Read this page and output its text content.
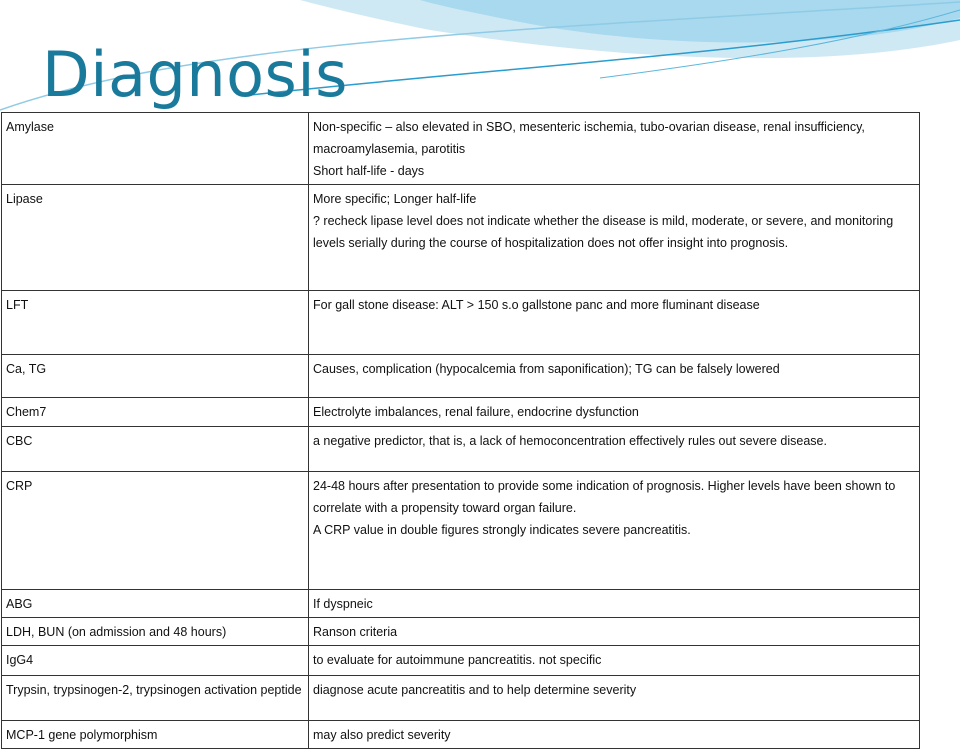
Diagnosis
Amylase	Non-specific – also elevated in SBO, mesenteric ischemia, tubo-ovarian disease, renal insufficiency, macroamylasemia, parotitis
Short half-life - days

Lipase	More specific; Longer half-life
? recheck lipase level does not indicate whether the disease is mild, moderate, or severe, and monitoring levels serially during the course of hospitalization does not offer insight into prognosis.

LFT	For gall stone disease: ALT > 150 s.o gallstone panc and more fluminant disease

Ca, TG	Causes, complication (hypocalcemia from saponification); TG can be falsely lowered

Chem7	Electrolyte imbalances, renal failure, endocrine dysfunction

CBC	a negative predictor, that is, a lack of hemoconcentration effectively rules out severe disease.

CRP	24-48 hours after presentation to provide some indication of prognosis. Higher levels have been shown to correlate with a propensity toward organ failure.
A CRP value in double figures strongly indicates severe pancreatitis.

ABG	If dyspneic

LDH, BUN (on admission and 48 hours)	Ranson criteria

IgG4	to evaluate for autoimmune pancreatitis. not specific

Trypsin, trypsinogen-2, trypsinogen activation peptide	diagnose acute pancreatitis and to help determine severity

MCP-1 gene polymorphism	may also predict severity
